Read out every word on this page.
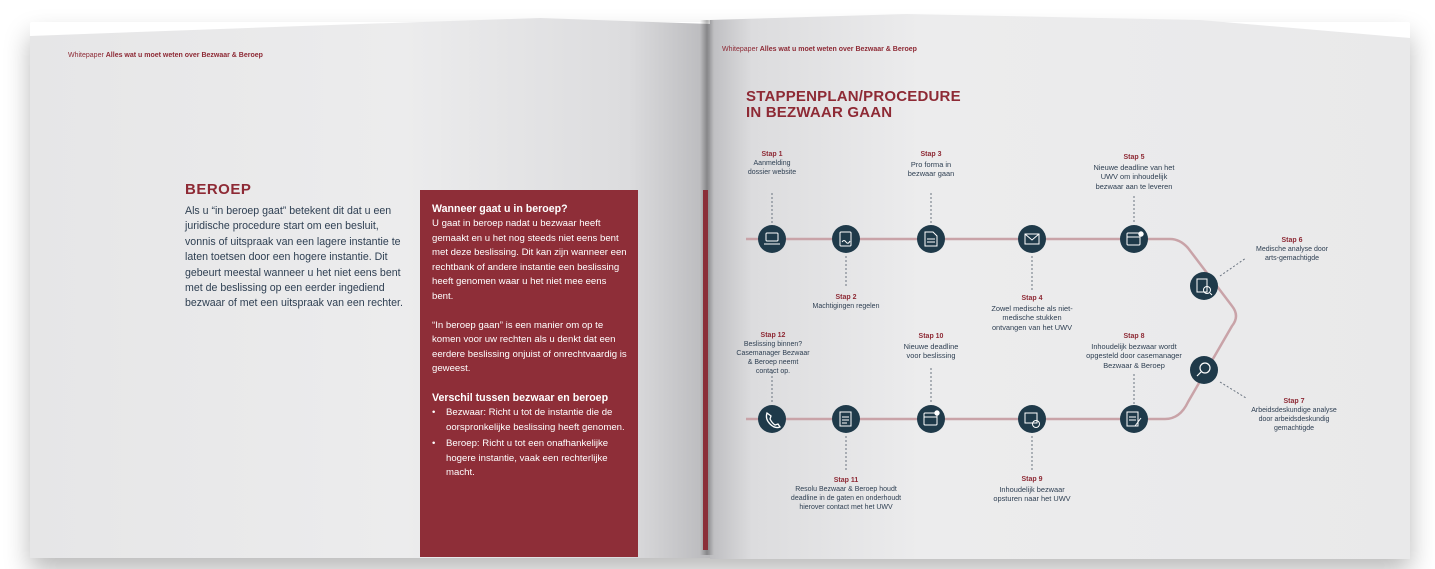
Whitepaper Alles wat u moet weten over Bezwaar & Beroep
BEROEP

Als u “in beroep gaat” betekent dit dat u een juridische procedure start om een besluit, vonnis of uitspraak van een lagere instantie te laten toetsen door een hogere instantie. Dit gebeurt meestal wanneer u het niet eens bent met de beslissing op een eerder ingediend bezwaar of met een uitspraak van een rechter.

Wanneer gaat u in beroep?

U gaat in beroep nadat u bezwaar heeft gemaakt en u het nog steeds niet eens bent met deze beslissing. Dit kan zijn wanneer een rechtbank of andere instantie een beslissing heeft genomen waar u het niet mee eens bent.

“In beroep gaan” is een manier om op te komen voor uw rechten als u denkt dat een eerdere beslissing onjuist of onrechtvaardig is geweest.

Verschil tussen bezwaar en beroep
• Bezwaar: Richt u tot de instantie die de oorspronkelijke beslissing heeft genomen.
• Beroep: Richt u tot een onafhankelijke hogere instantie, vaak een rechterlijke macht.
Whitepaper Alles wat u moet weten over Bezwaar & Beroep
STAPPENPLAN/PROCEDURE
IN BEZWAAR GAAN
Stap 1
Aanmelding
dossier website
Stap 2
Machtigingen regelen
Stap 3
Pro forma in
bezwaar gaan
Stap 4
Zowel medische als niet-
medische stukken
ontvangen van het UWV
Stap 5
Nieuwe deadline van het
UWV om inhoudelijk
bezwaar aan te leveren
Stap 6
Medische analyse door
arts-gemachtigde
Stap 7
Arbeidsdeskundige analyse
door arbeidsdeskundig
gemachtigde
Stap 8
Inhoudelijk bezwaar wordt
opgesteld door casemanager
Bezwaar & Beroep
Stap 9
Inhoudelijk bezwaar
opsturen naar het UWV
Stap 10
Nieuwe deadline
voor beslissing
Stap 11
Resolu Bezwaar & Beroep houdt
deadline in de gaten en onderhoudt
hierover contact met het UWV
Stap 12
Beslissing binnen?
Casemanager Bezwaar
& Beroep neemt contact op.
